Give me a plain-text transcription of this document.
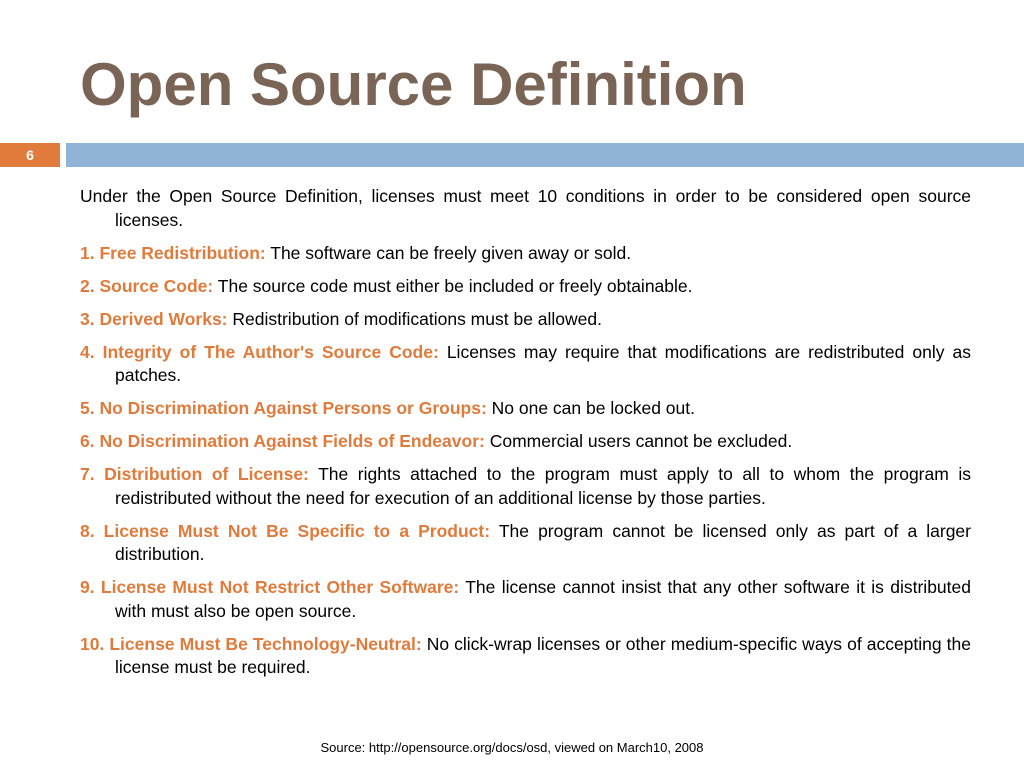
Open Source Definition
6

Under the Open Source Definition, licenses must meet 10 conditions in order to be considered open source licenses.

1. Free Redistribution: The software can be freely given away or sold.

2. Source Code: The source code must either be included or freely obtainable.

3. Derived Works: Redistribution of modifications must be allowed.

4. Integrity of The Author's Source Code: Licenses may require that modifications are redistributed only as patches.

5. No Discrimination Against Persons or Groups: No one can be locked out.

6. No Discrimination Against Fields of Endeavor: Commercial users cannot be excluded.

7. Distribution of License: The rights attached to the program must apply to all to whom the program is redistributed without the need for execution of an additional license by those parties.

8. License Must Not Be Specific to a Product: The program cannot be licensed only as part of a larger distribution.

9. License Must Not Restrict Other Software: The license cannot insist that any other software it is distributed with must also be open source.

10. License Must Be Technology-Neutral: No click-wrap licenses or other medium-specific ways of accepting the license must be required.

Source: http://opensource.org/docs/osd, viewed on March10, 2008
